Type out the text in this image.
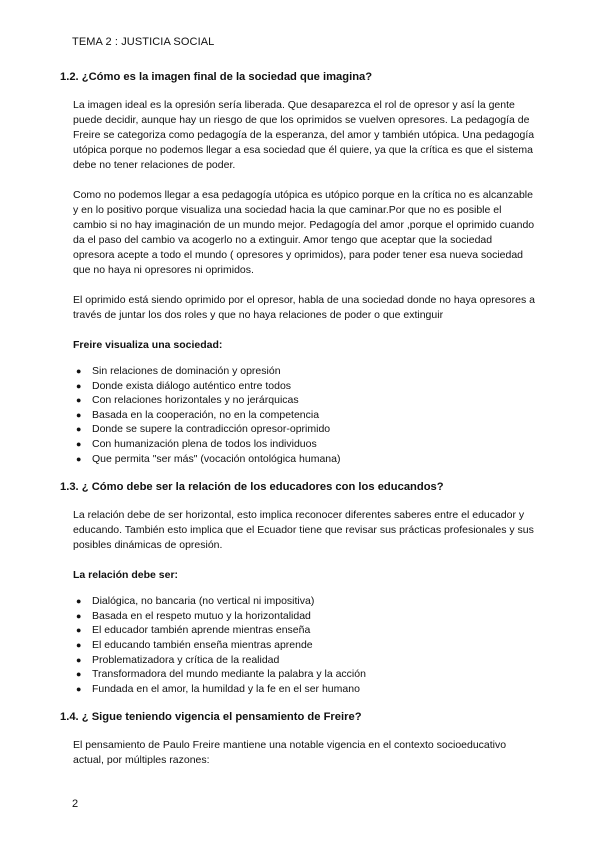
TEMA 2 : JUSTICIA SOCIAL
1.2. ¿Cómo es la imagen final de la sociedad que imagina?

La imagen ideal es la opresión sería liberada. Que desaparezca el rol de opresor y así la gente puede decidir, aunque hay un riesgo de que los oprimidos se vuelven opresores. La pedagogía de Freire se categoriza como pedagogía de la esperanza, del amor y también utópica. Una pedagogía utópica porque no podemos llegar a esa sociedad que él quiere, ya que la crítica es que el sistema debe no tener relaciones de poder.

Como no podemos llegar a esa pedagogía utópica es utópico porque en la crítica no es alcanzable y en lo positivo porque visualiza una sociedad hacia la que caminar.Por que no es posible el cambio si no hay imaginación de un mundo mejor. Pedagogía del amor ,porque el oprimido cuando da el paso del cambio va acogerlo no a extinguir. Amor tengo que aceptar que la sociedad opresora acepte a todo el mundo ( opresores y oprimidos), para poder tener esa nueva sociedad que no haya ni opresores ni oprimidos.

El oprimido está siendo oprimido por el opresor, habla de una sociedad donde no haya opresores a través de juntar los dos roles y que no haya relaciones de poder o que extinguir

Freire visualiza una sociedad:
● Sin relaciones de dominación y opresión
● Donde exista diálogo auténtico entre todos
● Con relaciones horizontales y no jerárquicas
● Basada en la cooperación, no en la competencia
● Donde se supere la contradicción opresor-oprimido
● Con humanización plena de todos los individuos
● Que permita "ser más" (vocación ontológica humana)
1.3. ¿ Cómo debe ser la relación de los educadores con los educandos?

La relación debe de ser horizontal, esto implica reconocer diferentes saberes entre el educador y educando. También esto implica que el Ecuador tiene que revisar sus prácticas profesionales y sus posibles dinámicas de opresión.

La relación debe ser:
● Dialógica, no bancaria (no vertical ni impositiva)
● Basada en el respeto mutuo y la horizontalidad
● El educador también aprende mientras enseña
● El educando también enseña mientras aprende
● Problematizadora y crítica de la realidad
● Transformadora del mundo mediante la palabra y la acción
● Fundada en el amor, la humildad y la fe en el ser humano
1.4. ¿ Sigue teniendo vigencia el pensamiento de Freire?

El pensamiento de Paulo Freire mantiene una notable vigencia en el contexto socioeducativo actual, por múltiples razones:

2
